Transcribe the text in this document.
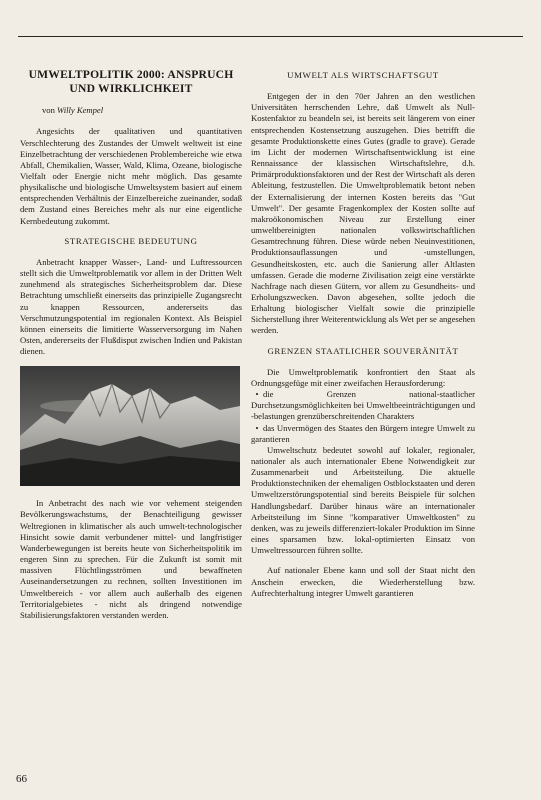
UMWELTPOLITIK 2000: ANSPRUCH UND WIRKLICHKEIT
von Willy Kempel

Angesichts der qualitativen und quantitativen Verschlechterung des Zustandes der Umwelt weltweit ist eine Einzelbetrachtung der verschiedenen Problembereiche wie etwa Abfall, Chemikalien, Wasser, Wald, Klima, Ozeane, biologische Vielfalt oder Energie nicht mehr möglich. Das gesamte physikalische und biologische Umweltsystem basiert auf einem entsprechenden Verhältnis der Einzelbereiche zueinander, sodaß dem Zustand eines Bereiches mehr als nur eine eigentliche Kernbedeutung zukommt.

STRATEGISCHE BEDEUTUNG

Anbetracht knapper Wasser-, Land- und Luftressourcen stellt sich die Umweltproblematik vor allem in der Dritten Welt zunehmend als strategisches Sicherheitsproblem dar. Diese Betrachtung umschließt einerseits das prinzipielle Zugangsrecht zu knappen Ressourcen, andererseits das Verschmutzungspotential im regionalen Kontext. Als Beispiel können einerseits die limitierte Wasserversorgung im Nahen Osten, andererseits der Flußdisput zwischen Indien und Pakistan dienen.

In Anbetracht des nach wie vor vehement steigenden Bevölkerungswachstums, der Benachteiligung gewisser Weltregionen in klimatischer als auch umwelt-technologischer Hinsicht sowie damit verbundener mittel- und langfristiger Wanderbewegungen ist bereits heute von Sicherheitspolitik im engeren Sinn zu sprechen. Für die Zukunft ist somit mit massiven Flüchtlingsströmen und bewaffneten Auseinandersetzungen zu rechnen, sollten Investitionen im Umweltbereich - vor allem auch außerhalb des eigenen Territorialgebietes - nicht als dringend notwendige Stabilisierungsfaktoren verstanden werden.

UMWELT ALS WIRTSCHAFTSGUT

Entgegen der in den 70er Jahren an den westlichen Universitäten herrschenden Lehre, daß Umwelt als Null-Kostenfaktor zu beandeln sei, ist bereits seit längerem von einer entsprechenden Kostensetzung auszugehen. Dies betrifft die gesamte Produktionskette eines Gutes (gradle to grave). Gerade im Licht der modernen Wirtschaftsentwicklung ist eine Rennaissance der klassischen Wirtschaftslehre, d.h. Primärproduktionsfaktoren und der Rest der Wirtschaft als deren Ableitung, festzustellen. Die Umweltproblematik betont neben der Externalisierung der internen Kosten bereits das "Gut Umwelt". Der gesamte Fragenkomplex der Kosten sollte auf makroökonomischen Niveau zur Erstellung einer umweltbereinigten nationalen volkswirtschaftlichen Gesamtrechnung führen. Diese würde neben Neuinvestitionen, Produktionsauflassungen und -umstellungen, Gesundheitskosten, etc. auch die Sanierung aller Altlasten umfassen. Gerade die moderne Zivilisation zeigt eine verstärkte Nachfrage nach diesen Gütern, vor allem zu Gesundheits- und Erholungszwecken. Davon abgesehen, sollte jedoch die Erhaltung biologischer Vielfalt sowie die prinzipielle Sicherstellung ihrer Weiterentwicklung als Wet per se angesehen werden.

GRENZEN STAATLICHER SOUVERÄNITÄT

Die Umweltproblematik konfrontiert den Staat als Ordnungsgefüge mit einer zweifachen Herausforderung:

• die Grenzen national-staatlicher Durchsetzungsmöglichkeiten bei Umweltbeeinträchtigungen und -belastungen grenzüberschreitenden Charakters

• das Unvermögen des Staates den Bürgern integre Umwelt zu garantieren

Umweltschutz bedeutet sowohl auf lokaler, regionaler, nationaler als auch internationaler Ebene Notwendigkeit zur Zusammenarbeit und Arbeitsteilung. Die aktuelle Produktionstechniken der ehemaligen Ostblockstaaten und deren Umweltzerstörungspotential sind bereits Beispiele für solchen Handlungsbedarf. Darüber hinaus wäre an internationaler Arbeitsteilung im Sinne "komparativer Umweltkosten" zu denken, was zu jeweils differenziert-lokaler Produktion im Sinne eines sparsamen bzw. lokal-optimierten Einsatz von Umweltressourcen führen sollte.

Auf nationaler Ebene kann und soll der Staat nicht den Anschein erwecken, die Wiederherstellung bzw. Aufrechterhaltung integrer Umwelt garantieren

66
